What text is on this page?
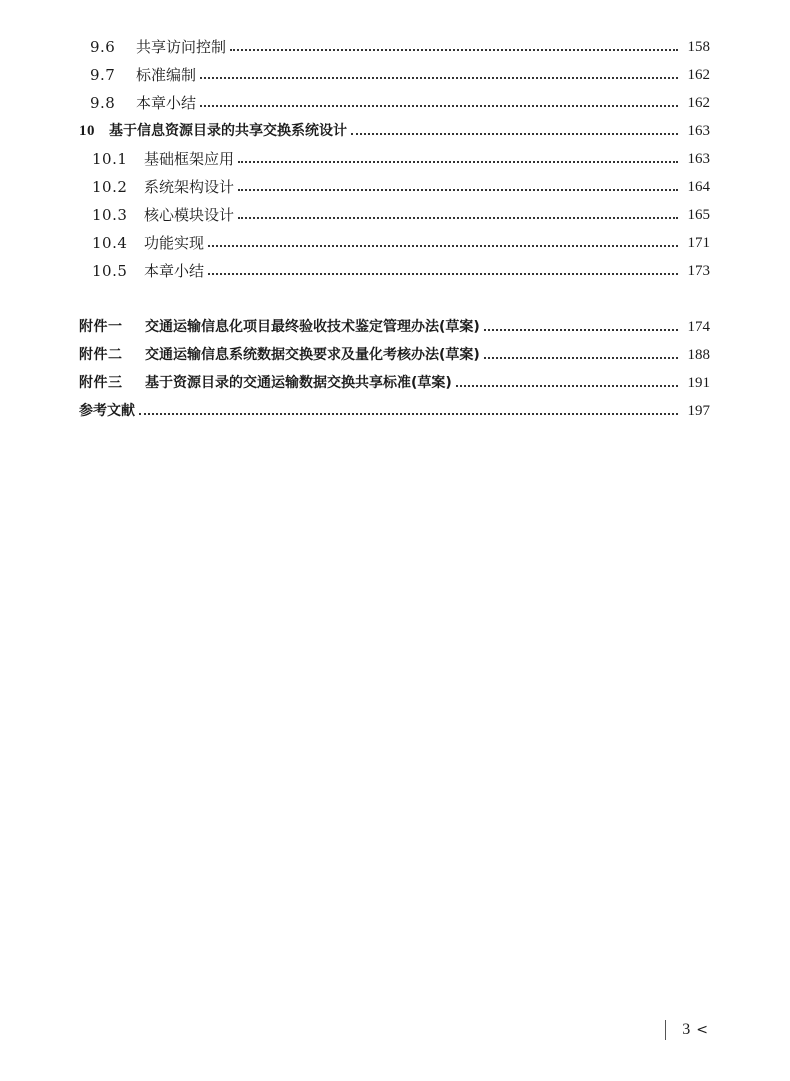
9.6	共享访问控制	158
9.7	标准编制	162
9.8	本章小结	162
10	基于信息资源目录的共享交换系统设计	163
10.1	基础框架应用	163
10.2	系统架构设计	164
10.3	核心模块设计	165
10.4	功能实现	171
10.5	本章小结	173
附件一	交通运输信息化项目最终验收技术鉴定管理办法(草案)	174
附件二	交通运输信息系统数据交换要求及量化考核办法(草案)	188
附件三	基于资源目录的交通运输数据交换共享标准(草案)	191
参考文献	197
3 <
